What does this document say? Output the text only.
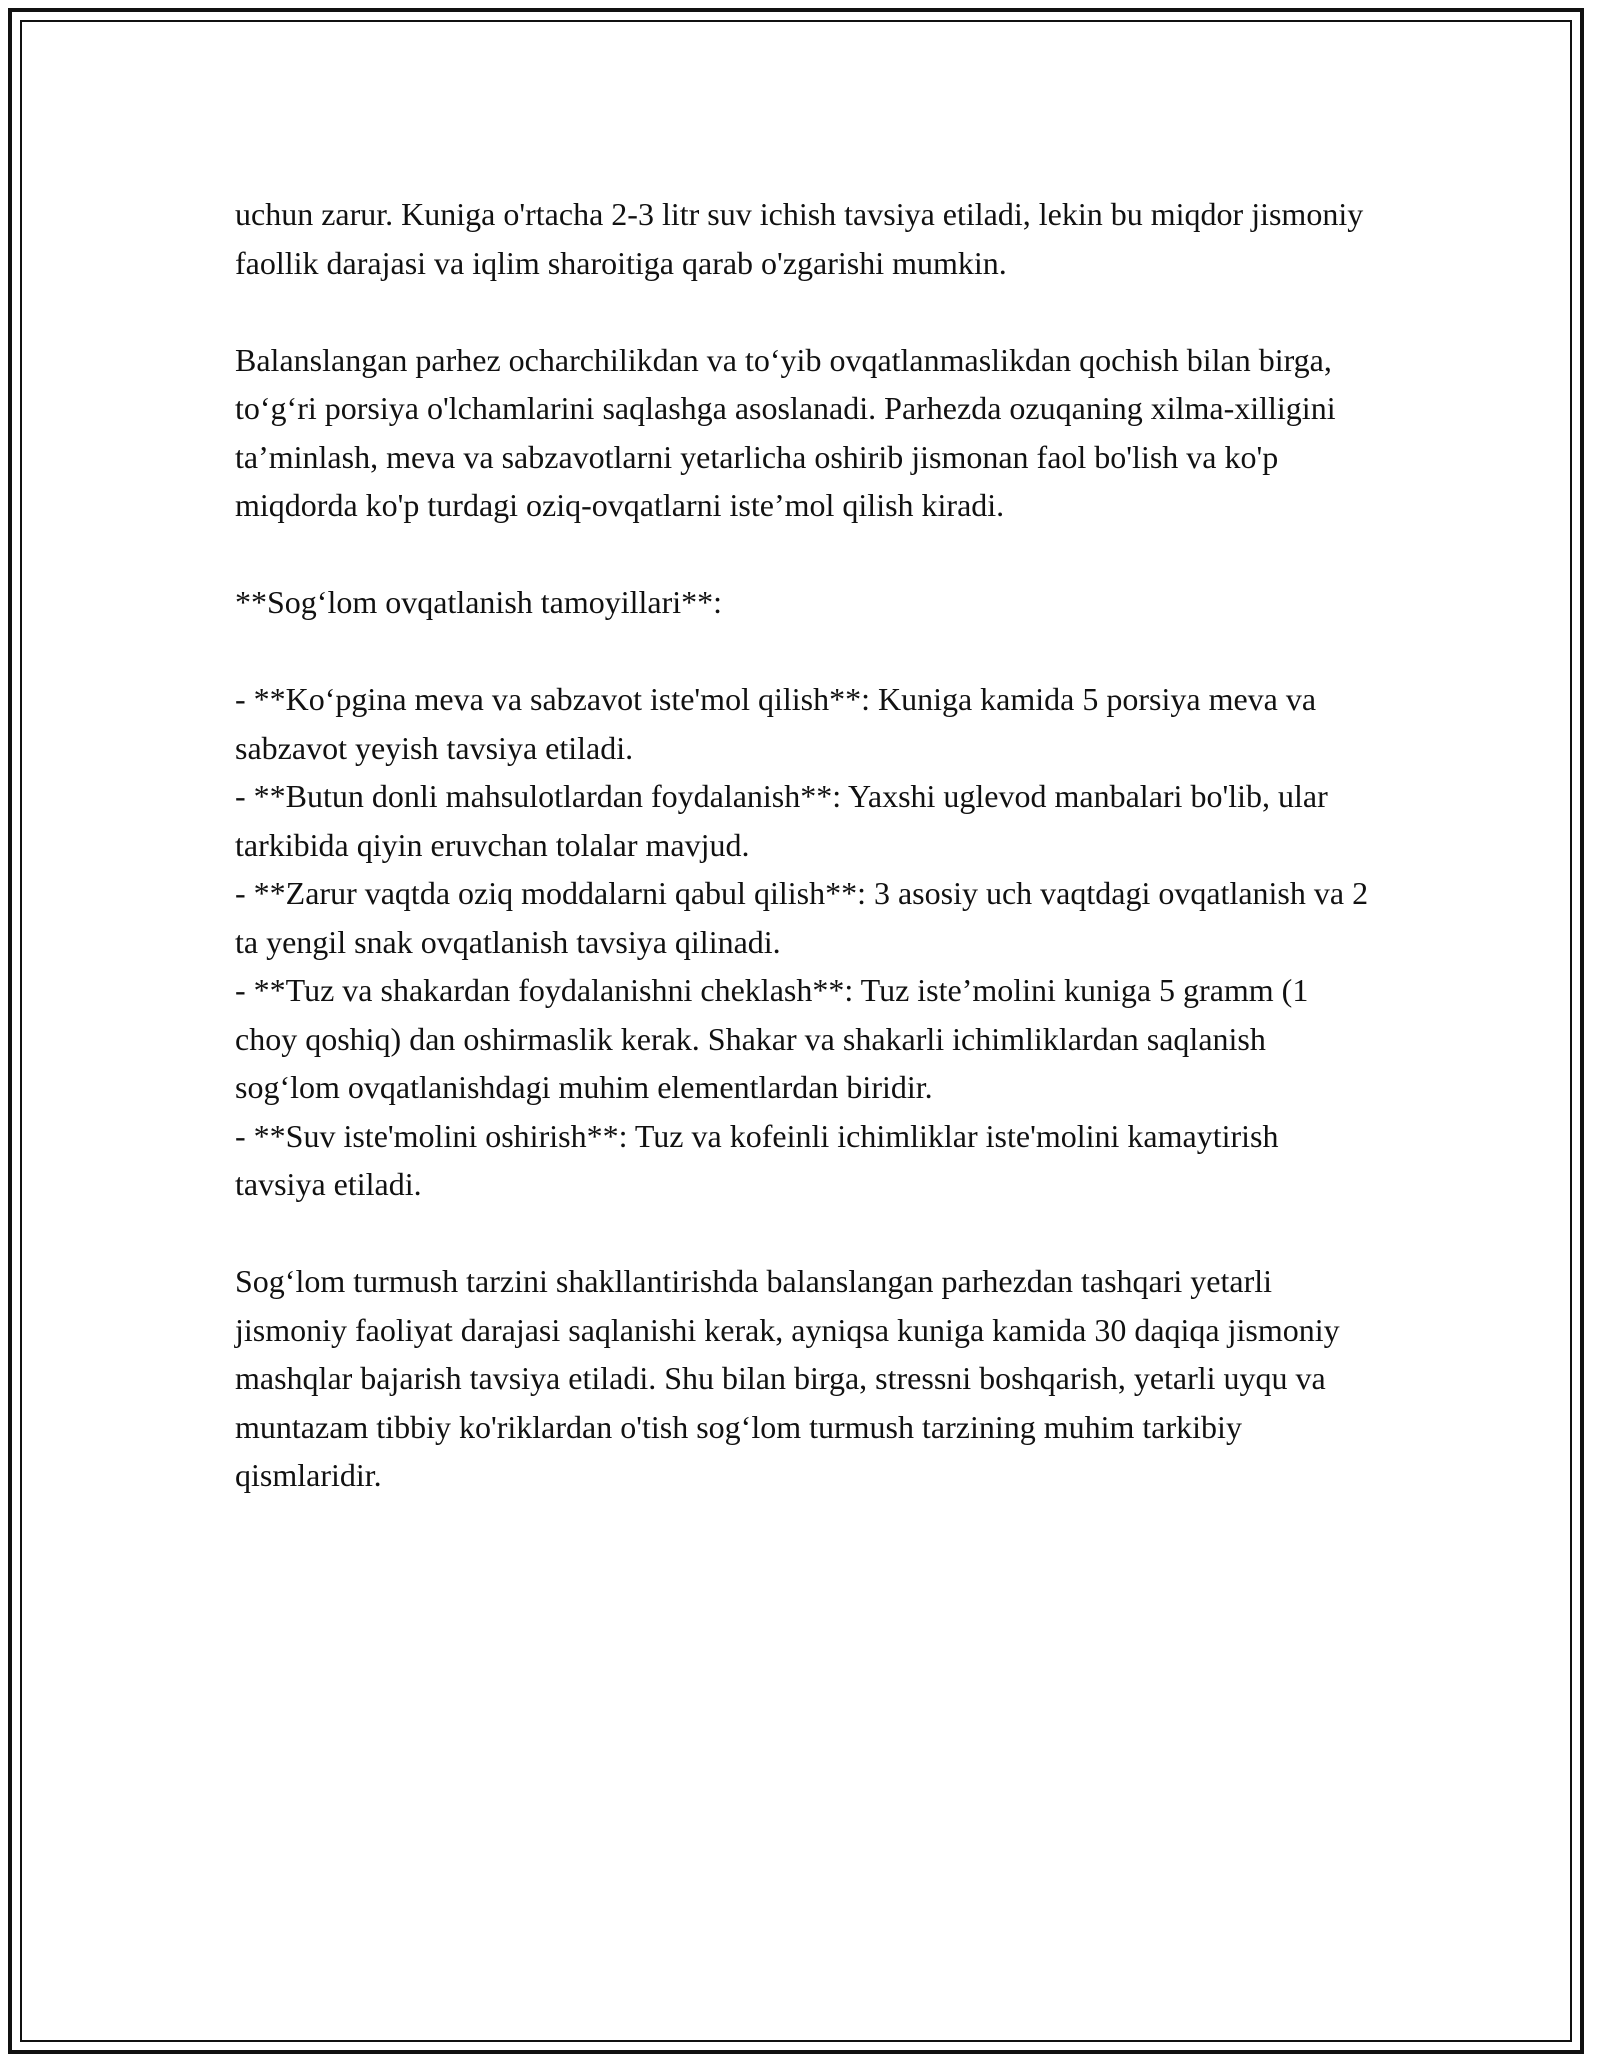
uchun zarur. Kuniga o'rtacha 2-3 litr suv ichish tavsiya etiladi, lekin bu miqdor jismoniy faollik darajasi va iqlim sharoitiga qarab o'zgarishi mumkin.

Balanslangan parhez ocharchilikdan va to‘yib ovqatlanmaslikdan qochish bilan birga, to‘g‘ri porsiya o'lchamlarini saqlashga asoslanadi. Parhezda ozuqaning xilma-xilligini ta’minlash, meva va sabzavotlarni yetarlicha oshirib jismonan faol bo'lish va ko'p miqdorda ko'p turdagi oziq-ovqatlarni iste’mol qilish kiradi.

**Sog‘lom ovqatlanish tamoyillari**:

- **Ko‘pgina meva va sabzavot iste'mol qilish**: Kuniga kamida 5 porsiya meva va sabzavot yeyish tavsiya etiladi.
- **Butun donli mahsulotlardan foydalanish**: Yaxshi uglevod manbalari bo'lib, ular tarkibida qiyin eruvchan tolalar mavjud.
- **Zarur vaqtda oziq moddalarni qabul qilish**: 3 asosiy uch vaqtdagi ovqatlanish va 2 ta yengil snak ovqatlanish tavsiya qilinadi.
- **Tuz va shakardan foydalanishni cheklash**: Tuz iste’molini kuniga 5 gramm (1 choy qoshiq) dan oshirmaslik kerak. Shakar va shakarli ichimliklardan saqlanish sog‘lom ovqatlanishdagi muhim elementlardan biridir.
- **Suv iste'molini oshirish**: Tuz va kofeinli ichimliklar iste'molini kamaytirish tavsiya etiladi.

Sog‘lom turmush tarzini shakllantirishda balanslangan parhezdan tashqari yetarli jismoniy faoliyat darajasi saqlanishi kerak, ayniqsa kuniga kamida 30 daqiqa jismoniy mashqlar bajarish tavsiya etiladi. Shu bilan birga, stressni boshqarish, yetarli uyqu va muntazam tibbiy ko'riklardan o'tish sog‘lom turmush tarzining muhim tarkibiy qismlaridir.
